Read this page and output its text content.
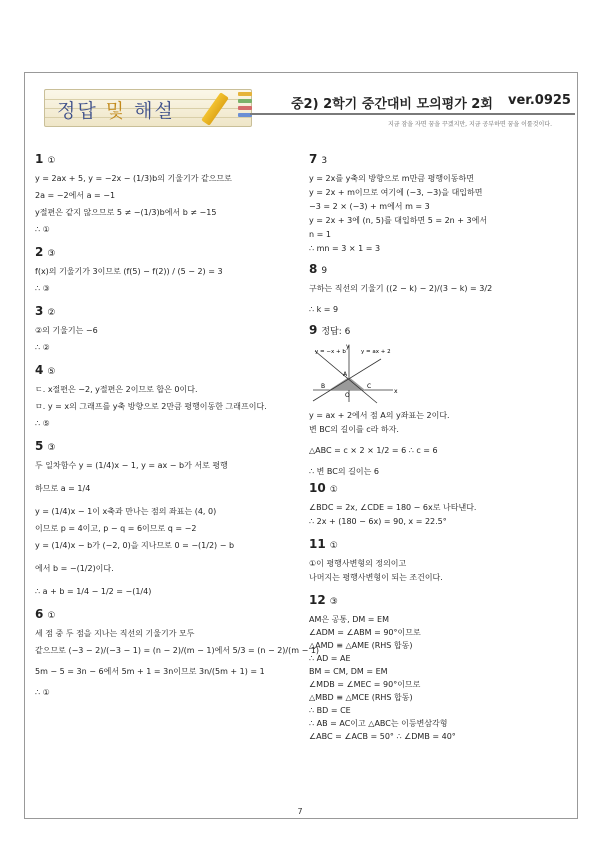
정답 및 해설	중2) 2학기 중간대비 모의평가 2회 ver.0925
지금 잠을 자면 꿈을 꾸겠지만, 지금 공부하면 꿈을 이룰것이다.
1 ①

y = 2ax + 5, y = −2x − (1/3)b의 기울기가 같으므로

2a = −2에서 a = −1

y절편은 같지 않으므로 5 ≠ −(1/3)b에서 b ≠ −15

∴ ①

2 ③

f(x)의 기울기가 3이므로 (f(5) − f(2)) / (5 − 2) = 3

∴ ③

3 ②

②의 기울기는 −6

∴ ②

4 ⑤

ㄷ. x절편은 −2, y절편은 2이므로 합은 0이다.

ㅁ. y = x의 그래프를 y축 방향으로 2만큼 평행이동한 그래프이다.

∴ ⑤

5 ③

두 일차함수 y = (1/4)x − 1, y = ax − b가 서로 평행

하므로 a = 1/4

y = (1/4)x − 1이 x축과 만나는 점의 좌표는 (4, 0)

이므로 p = 4이고, p − q = 6이므로 q = −2

y = (1/4)x − b가 (−2, 0)을 지나므로 0 = −(1/2) − b

에서 b = −(1/2)이다.

∴ a + b = 1/4 − 1/2 = −(1/4)

6 ①

세 점 중 두 점을 지나는 직선의 기울기가 모두

같으므로 (−3 − 2)/(−3 − 1) = (n − 2)/(m − 1)에서 5/3 = (n − 2)/(m − 1)

5m − 5 = 3n − 6에서 5m + 1 = 3n이므로 3n/(5m + 1) = 1

∴ ①

7 3

y = 2x를 y축의 방향으로 m만큼 평행이동하면

y = 2x + m이므로 여기에 (−3, −3)을 대입하면

−3 = 2 × (−3) + m에서 m = 3

y = 2x + 3에 (n, 5)를 대입하면 5 = 2n + 3에서

n = 1

∴ mn = 3 × 1 = 3

8 9

구하는 직선의 기울기 ((2 − k) − 2)/(3 − k) = 3/2

∴ k = 9

9 정답: 6
y = −x + b	y = ax + 2
A
B	C
O
x
y

y = ax + 2에서 점 A의 y좌표는 2이다.

변 BC의 길이를 c라 하자.

△ABC = c × 2 × 1/2 = 6 ∴ c = 6

∴ 변 BC의 길이는 6

10 ①

∠BDC = 2x, ∠CDE = 180 − 6x로 나타낸다.

∴ 2x + (180 − 6x) = 90, x = 22.5°

11 ①

①이 평행사변형의 정의이고

나머지는 평행사변형이 되는 조건이다.

12 ③

AM은 공통, DM = EM

∠ADM = ∠ABM = 90°이므로

△AMD ≡ △AME (RHS 합동)

∴ AD = AE

BM = CM, DM = EM

∠MDB = ∠MEC = 90°이므로

△MBD ≡ △MCE (RHS 합동)

∴ BD = CE

∴ AB = AC이고 △ABC는 이등변삼각형

∠ABC = ∠ACB = 50° ∴ ∠DMB = 40°

7
